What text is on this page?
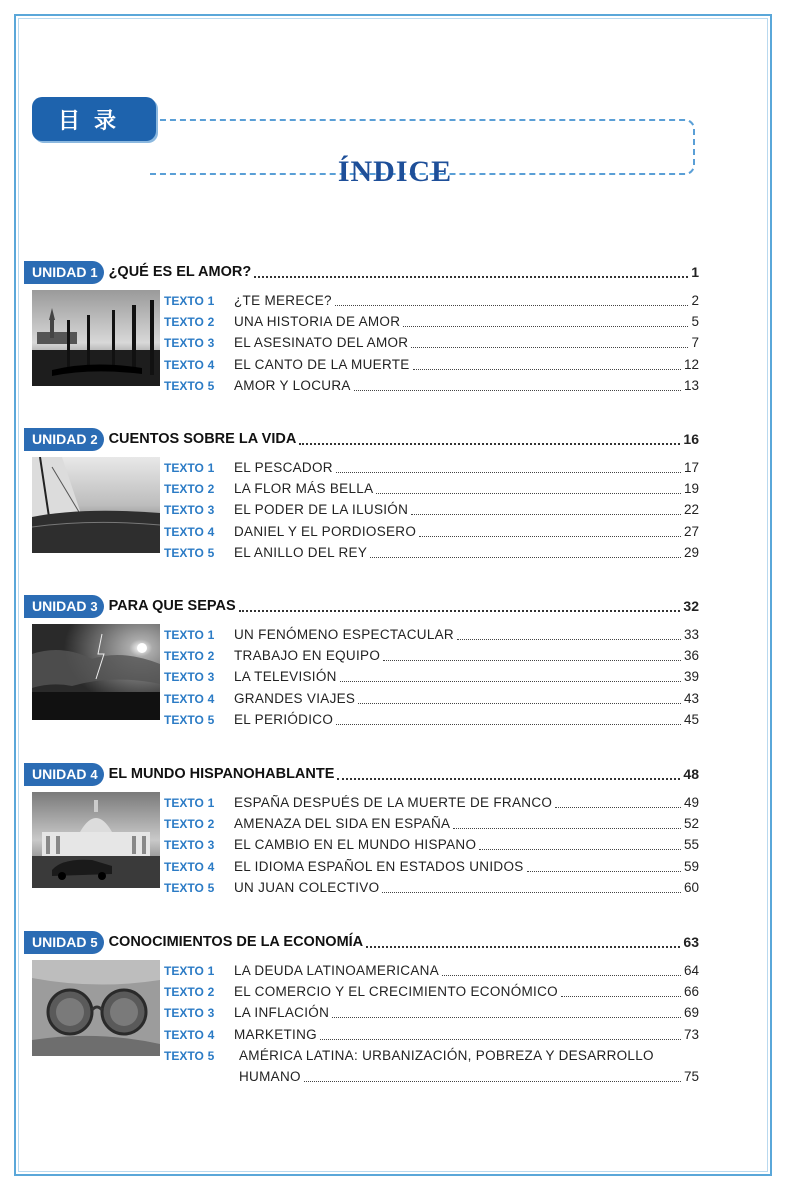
目录
ÍNDICE
UNIDAD 1 ¿QUÉ ES EL AMOR?	1
TEXTO 1	¿TE MERECE?	2
TEXTO 2	UNA HISTORIA DE AMOR	5
TEXTO 3	EL ASESINATO DEL AMOR	7
TEXTO 4	EL CANTO DE LA MUERTE	12
TEXTO 5	AMOR Y LOCURA	13
UNIDAD 2 CUENTOS SOBRE LA VIDA	16
TEXTO 1	EL PESCADOR	17
TEXTO 2	LA FLOR MÁS BELLA	19
TEXTO 3	EL PODER DE LA ILUSIÓN	22
TEXTO 4	DANIEL Y EL PORDIOSERO	27
TEXTO 5	EL ANILLO DEL REY	29
UNIDAD 3 PARA QUE SEPAS	32
TEXTO 1	UN FENÓMENO ESPECTACULAR	33
TEXTO 2	TRABAJO EN EQUIPO	36
TEXTO 3	LA TELEVISIÓN	39
TEXTO 4	GRANDES VIAJES	43
TEXTO 5	EL PERIÓDICO	45
UNIDAD 4 EL MUNDO HISPANOHABLANTE	48
TEXTO 1	ESPAÑA DESPUÉS DE LA MUERTE DE FRANCO	49
TEXTO 2	AMENAZA DEL SIDA EN ESPAÑA	52
TEXTO 3	EL CAMBIO EN EL MUNDO HISPANO	55
TEXTO 4	EL IDIOMA ESPAÑOL EN ESTADOS UNIDOS	59
TEXTO 5	UN JUAN COLECTIVO	60
UNIDAD 5 CONOCIMIENTOS DE LA ECONOMÍA	63
TEXTO 1	LA DEUDA LATINOAMERICANA	64
TEXTO 2	EL COMERCIO Y EL CRECIMIENTO ECONÓMICO	66
TEXTO 3	LA INFLACIÓN	69
TEXTO 4	MARKETING	73
TEXTO 5	AMÉRICA LATINA: URBANIZACIÓN, POBREZA Y DESARROLLO
HUMANO	75
